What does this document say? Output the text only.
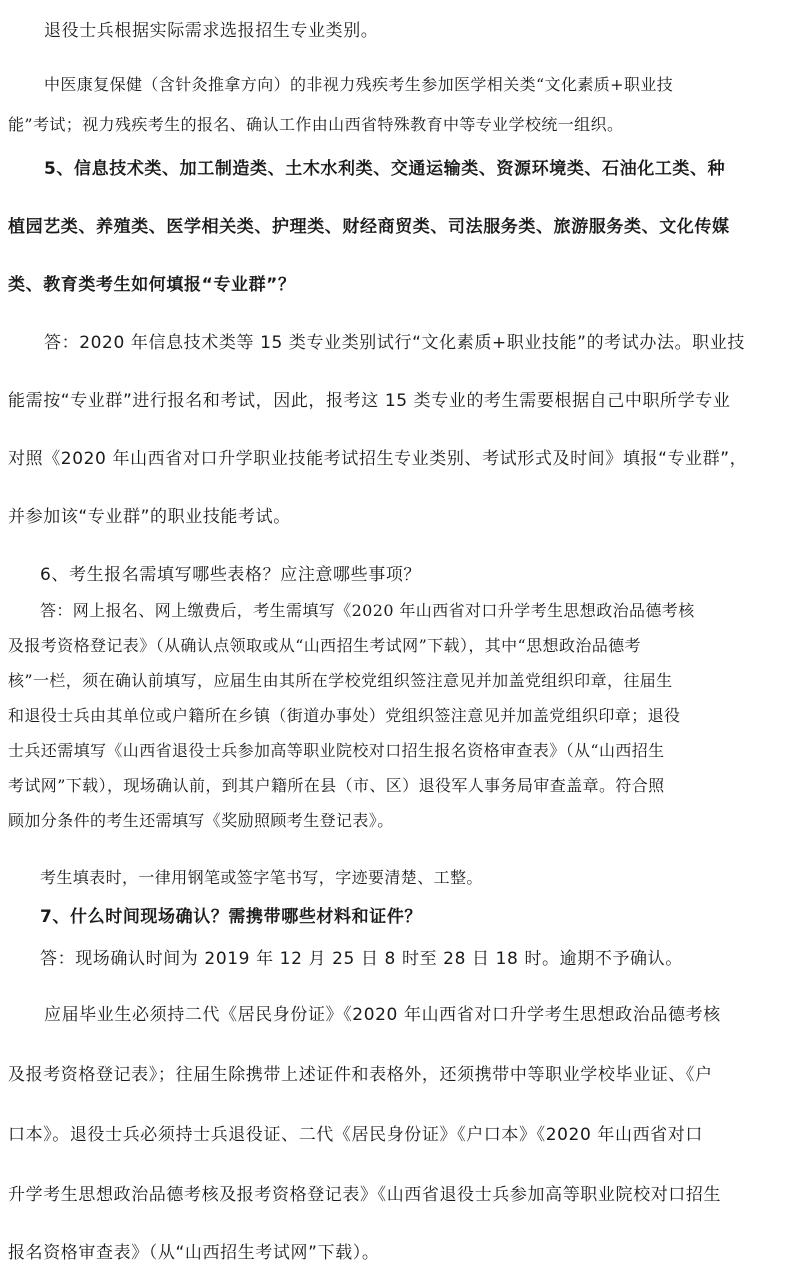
退役士兵根据实际需求选报招生专业类别。
中医康复保健（含针灸推拿方向）的非视力残疾考生参加医学相关类“文化素质+职业技
能”考试；视力残疾考生的报名、确认工作由山西省特殊教育中等专业学校统一组织。
5、信息技术类、加工制造类、土木水利类、交通运输类、资源环境类、石油化工类、种
植园艺类、养殖类、医学相关类、护理类、财经商贸类、司法服务类、旅游服务类、文化传媒
类、教育类考生如何填报“专业群”？
答：2020 年信息技术类等 15 类专业类别试行“文化素质+职业技能”的考试办法。职业技
能需按“专业群”进行报名和考试，因此，报考这 15 类专业的考生需要根据自己中职所学专业
对照《2020 年山西省对口升学职业技能考试招生专业类别、考试形式及时间》填报“专业群”，
并参加该“专业群”的职业技能考试。
6、考生报名需填写哪些表格？应注意哪些事项？
答：网上报名、网上缴费后，考生需填写《2020 年山西省对口升学考生思想政治品德考核
及报考资格登记表》（从确认点领取或从“山西招生考试网”下载），其中“思想政治品德考
核”一栏，须在确认前填写，应届生由其所在学校党组织签注意见并加盖党组织印章，往届生
和退役士兵由其单位或户籍所在乡镇（街道办事处）党组织签注意见并加盖党组织印章；退役
士兵还需填写《山西省退役士兵参加高等职业院校对口招生报名资格审查表》（从“山西招生
考试网”下载），现场确认前，到其户籍所在县（市、区）退役军人事务局审查盖章。符合照
顾加分条件的考生还需填写《奖励照顾考生登记表》。
考生填表时，一律用钢笔或签字笔书写，字迹要清楚、工整。
7、什么时间现场确认？需携带哪些材料和证件？
答：现场确认时间为 2019 年 12 月 25 日 8 时至 28 日 18 时。逾期不予确认。
应届毕业生必须持二代《居民身份证》《2020 年山西省对口升学考生思想政治品德考核
及报考资格登记表》；往届生除携带上述证件和表格外，还须携带中等职业学校毕业证、《户
口本》。退役士兵必须持士兵退役证、二代《居民身份证》《户口本》《2020 年山西省对口
升学考生思想政治品德考核及报考资格登记表》《山西省退役士兵参加高等职业院校对口招生
报名资格审查表》（从“山西招生考试网”下载）。
